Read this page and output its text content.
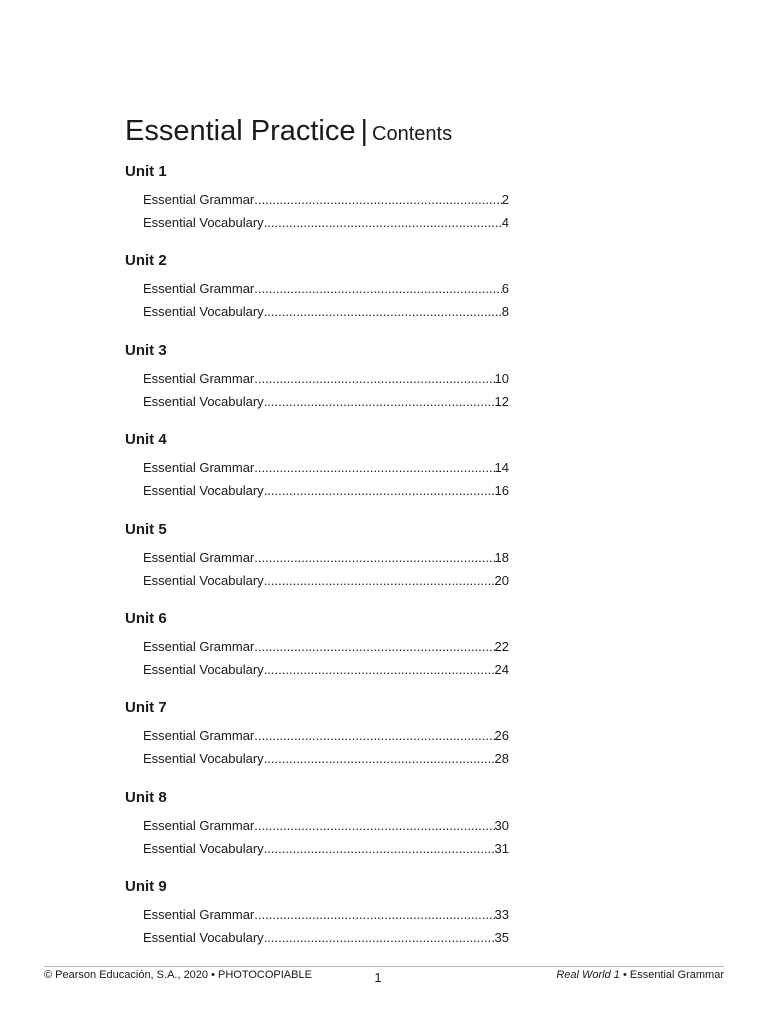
Essential Practice | Contents
Unit 1
Essential Grammar .....	2
Essential Vocabulary .....	4
Unit 2
Essential Grammar .....	6
Essential Vocabulary .....	8
Unit 3
Essential Grammar .....	10
Essential Vocabulary .....	12
Unit 4
Essential Grammar .....	14
Essential Vocabulary .....	16
Unit 5
Essential Grammar .....	18
Essential Vocabulary .....	20
Unit 6
Essential Grammar .....	22
Essential Vocabulary .....	24
Unit 7
Essential Grammar .....	26
Essential Vocabulary .....	28
Unit 8
Essential Grammar .....	30
Essential Vocabulary .....	31
Unit 9
Essential Grammar .....	33
Essential Vocabulary .....	35
© Pearson Educación, S.A., 2020 • PHOTOCOPIABLE	1	Real World 1 • Essential Grammar
